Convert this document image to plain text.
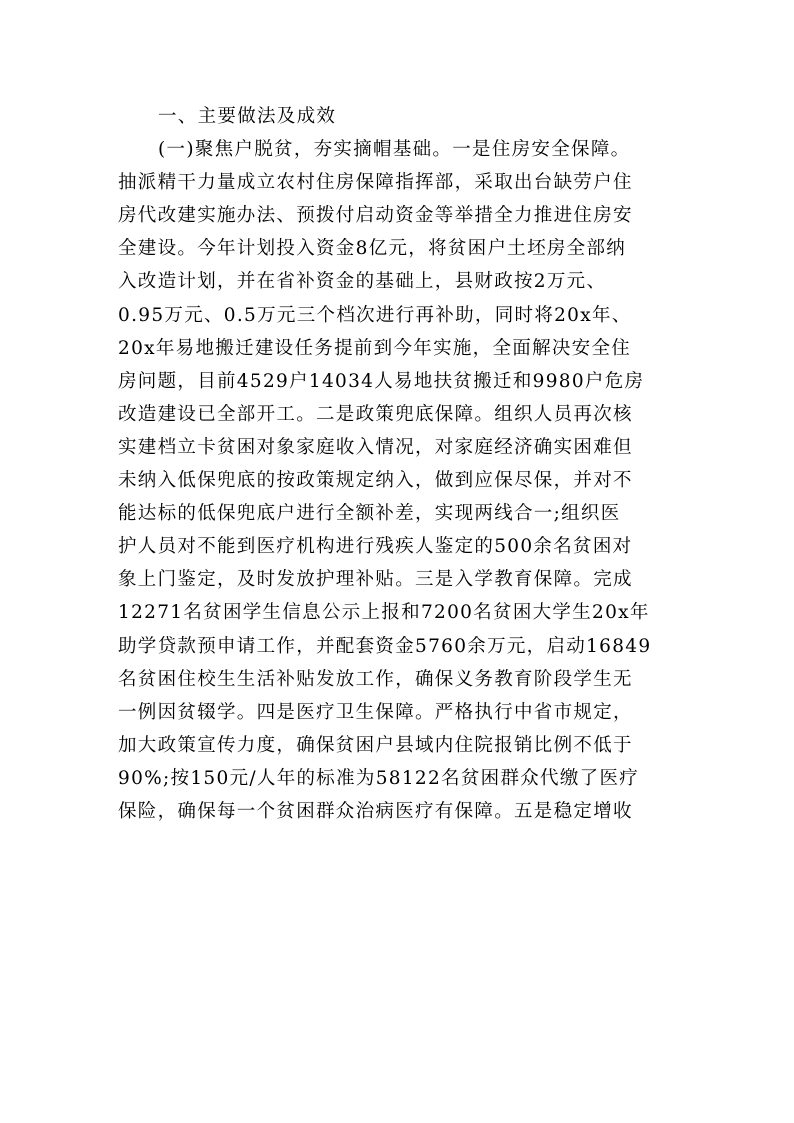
一、主要做法及成效
(一)聚焦户脱贫，夯实摘帽基础。一是住房安全保障。
抽派精干力量成立农村住房保障指挥部，采取出台缺劳户住
房代改建实施办法、预拨付启动资金等举措全力推进住房安
全建设。今年计划投入资金8亿元，将贫困户土坯房全部纳
入改造计划，并在省补资金的基础上，县财政按2万元、
0.95万元、0.5万元三个档次进行再补助，同时将20x年、
20x年易地搬迁建设任务提前到今年实施，全面解决安全住
房问题，目前4529户14034人易地扶贫搬迁和9980户危房
改造建设已全部开工。二是政策兜底保障。组织人员再次核
实建档立卡贫困对象家庭收入情况，对家庭经济确实困难但
未纳入低保兜底的按政策规定纳入，做到应保尽保，并对不
能达标的低保兜底户进行全额补差，实现两线合一;组织医
护人员对不能到医疗机构进行残疾人鉴定的500余名贫困对
象上门鉴定，及时发放护理补贴。三是入学教育保障。完成
12271名贫困学生信息公示上报和7200名贫困大学生20x年
助学贷款预申请工作，并配套资金5760余万元，启动16849
名贫困住校生生活补贴发放工作，确保义务教育阶段学生无
一例因贫辍学。四是医疗卫生保障。严格执行中省市规定，
加大政策宣传力度，确保贫困户县域内住院报销比例不低于
90%;按150元/人年的标准为58122名贫困群众代缴了医疗
保险，确保每一个贫困群众治病医疗有保障。五是稳定增收
